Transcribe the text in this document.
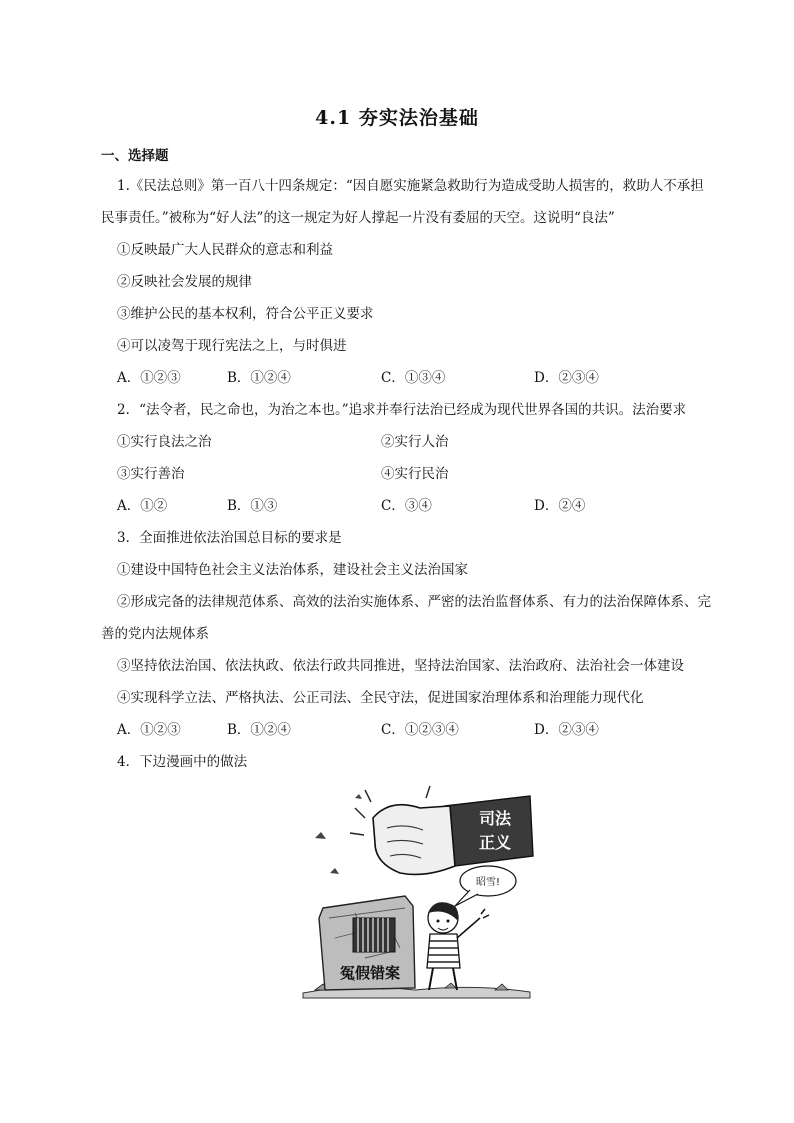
4.1 夯实法治基础
一、选择题
1.《民法总则》第一百八十四条规定：“因自愿实施紧急救助行为造成受助人损害的，救助人不承担
民事责任。”被称为“好人法”的这一规定为好人撑起一片没有委屈的天空。这说明“良法”
①反映最广大人民群众的意志和利益
②反映社会发展的规律
③维护公民的基本权利，符合公平正义要求
④可以凌驾于现行宪法之上，与时俱进
A．①②③	B．①②④	C．①③④	D．②③④
2．“法令者，民之命也，为治之本也。”追求并奉行法治已经成为现代世界各国的共识。法治要求
①实行良法之治	②实行人治
③实行善治	④实行民治
A．①②	B．①③	C．③④	D．②④
3．全面推进依法治国总目标的要求是
①建设中国特色社会主义法治体系，建设社会主义法治国家
②形成完备的法律规范体系、高效的法治实施体系、严密的法治监督体系、有力的法治保障体系、完
善的党内法规体系
③坚持依法治国、依法执政、依法行政共同推进，坚持法治国家、法治政府、法治社会一体建设
④实现科学立法、严格执法、公正司法、全民守法，促进国家治理体系和治理能力现代化
A．①②③	B．①②④	C．①②③④	D．②③④
4．下边漫画中的做法
冤假错案
司法
正义
昭雪!
